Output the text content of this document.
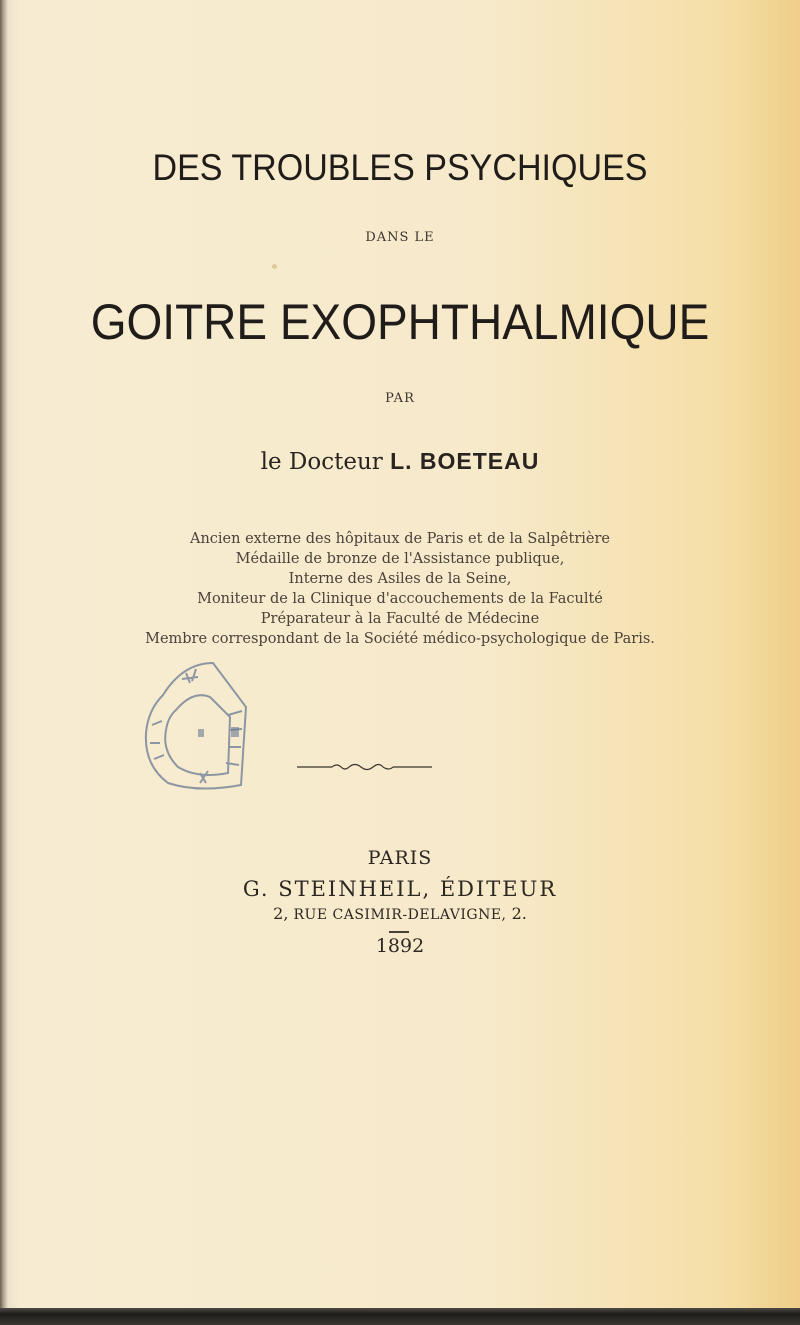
DES TROUBLES PSYCHIQUES
DANS LE
GOITRE EXOPHTHALMIQUE
PAR
le Docteur L. BOETEAU
Ancien externe des hôpitaux de Paris et de la Salpêtrière
Médaille de bronze de l'Assistance publique,
Interne des Asiles de la Seine,
Moniteur de la Clinique d'accouchements de la Faculté
Préparateur à la Faculté de Médecine
Membre correspondant de la Société médico-psychologique de Paris.
PARIS
G. STEINHEIL, ÉDITEUR
2, RUE CASIMIR-DELAVIGNE, 2.
1892
